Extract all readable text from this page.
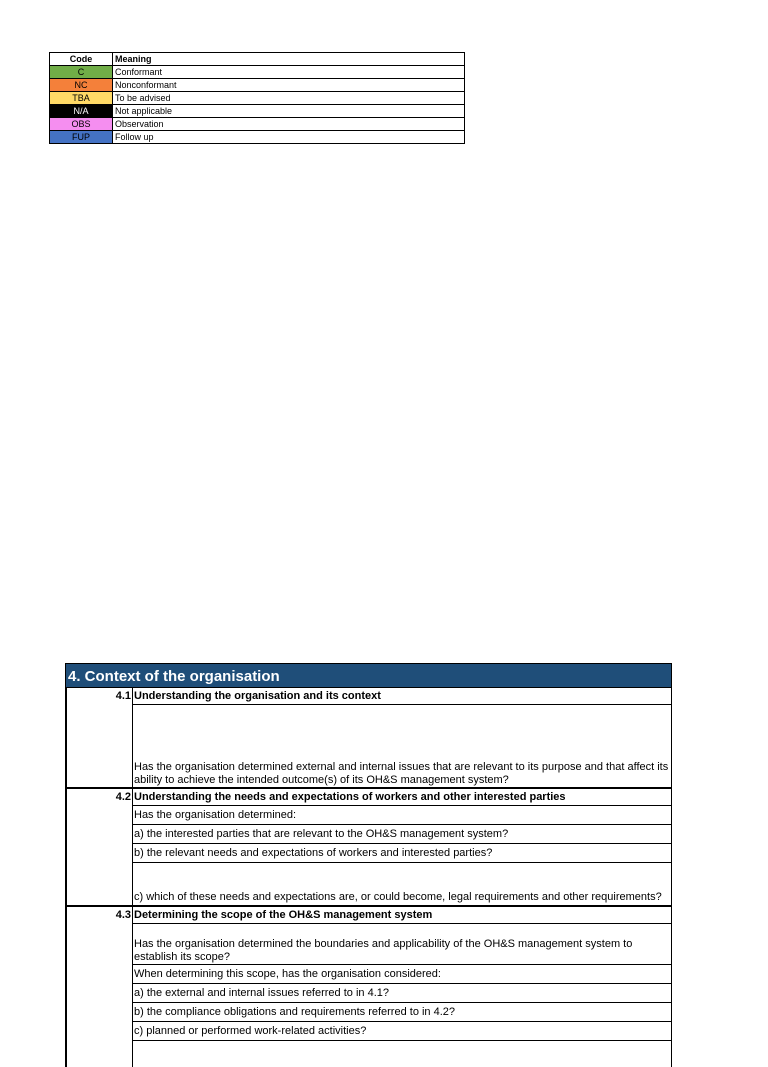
Code	Meaning
C	Conformant
NC	Nonconformant
TBA	To be advised
N/A	Not applicable
OBS	Observation
FUP	Follow up
4. Context of the organisation
4.1 Understanding the organisation and its context
Has the organisation determined external and internal issues that are relevant to its purpose and that affect its ability to achieve the intended outcome(s) of its OH&S management system?
4.2 Understanding the needs and expectations of workers and other interested parties
Has the organisation determined:
a) the interested parties that are relevant to the OH&S management system?
b) the relevant needs and expectations of workers and interested parties?
c) which of these needs and expectations are, or could become, legal requirements and other requirements?
4.3 Determining the scope of the OH&S management system
Has the organisation determined the boundaries and applicability of the OH&S management system to establish its scope?
When determining this scope, has the organisation considered:
a) the external and internal issues referred to in 4.1?
b) the compliance obligations and requirements referred to in 4.2?
c) planned or performed work-related activities?
